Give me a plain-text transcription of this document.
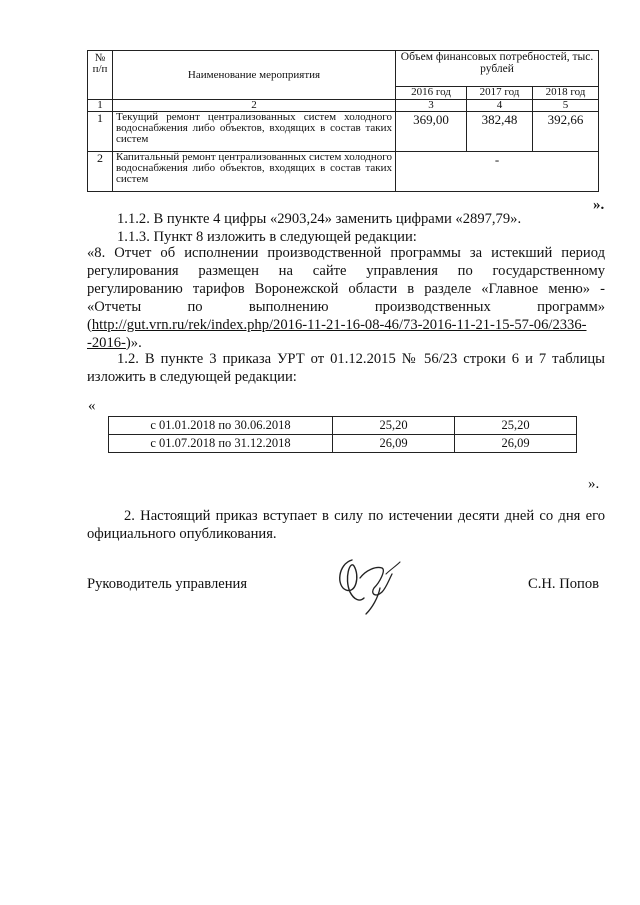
№ п/п	Наименование мероприятия	Объем финансовых потребностей, тыс. рублей		
		2016 год	2017 год	2018 год
1	2	3	4	5
1	Текущий ремонт централизованных систем холодного водоснабжения либо объектов, входящих в состав таких систем	369,00	382,48	392,66
2	Капитальный ремонт централизованных систем холодного водоснабжения либо объектов, входящих в состав таких систем	-		
».
1.1.2. В пункте 4 цифры «2903,24» заменить цифрами «2897,79».
1.1.3. Пункт 8 изложить в следующей редакции:
«8. Отчет об исполнении производственной программы за истекший период регулирования размещен на сайте управления по государственному регулированию тарифов Воронежской области в разделе «Главное меню» - «Отчеты по выполнению производственных программ» (http://gut.vrn.ru/rek/index.php/2016-11-21-16-08-46/73-2016-11-21-15-57-06/2336--2016-)».
1.2. В пункте 3 приказа УРТ от 01.12.2015 № 56/23 строки 6 и 7 таблицы изложить в следующей редакции:
«
с 01.01.2018 по 30.06.2018	25,20	25,20
с 01.07.2018 по 31.12.2018	26,09	26,09
».
2. Настоящий приказ вступает в силу по истечении десяти дней со дня его официального опубликования.
Руководитель управления	С.Н. Попов
